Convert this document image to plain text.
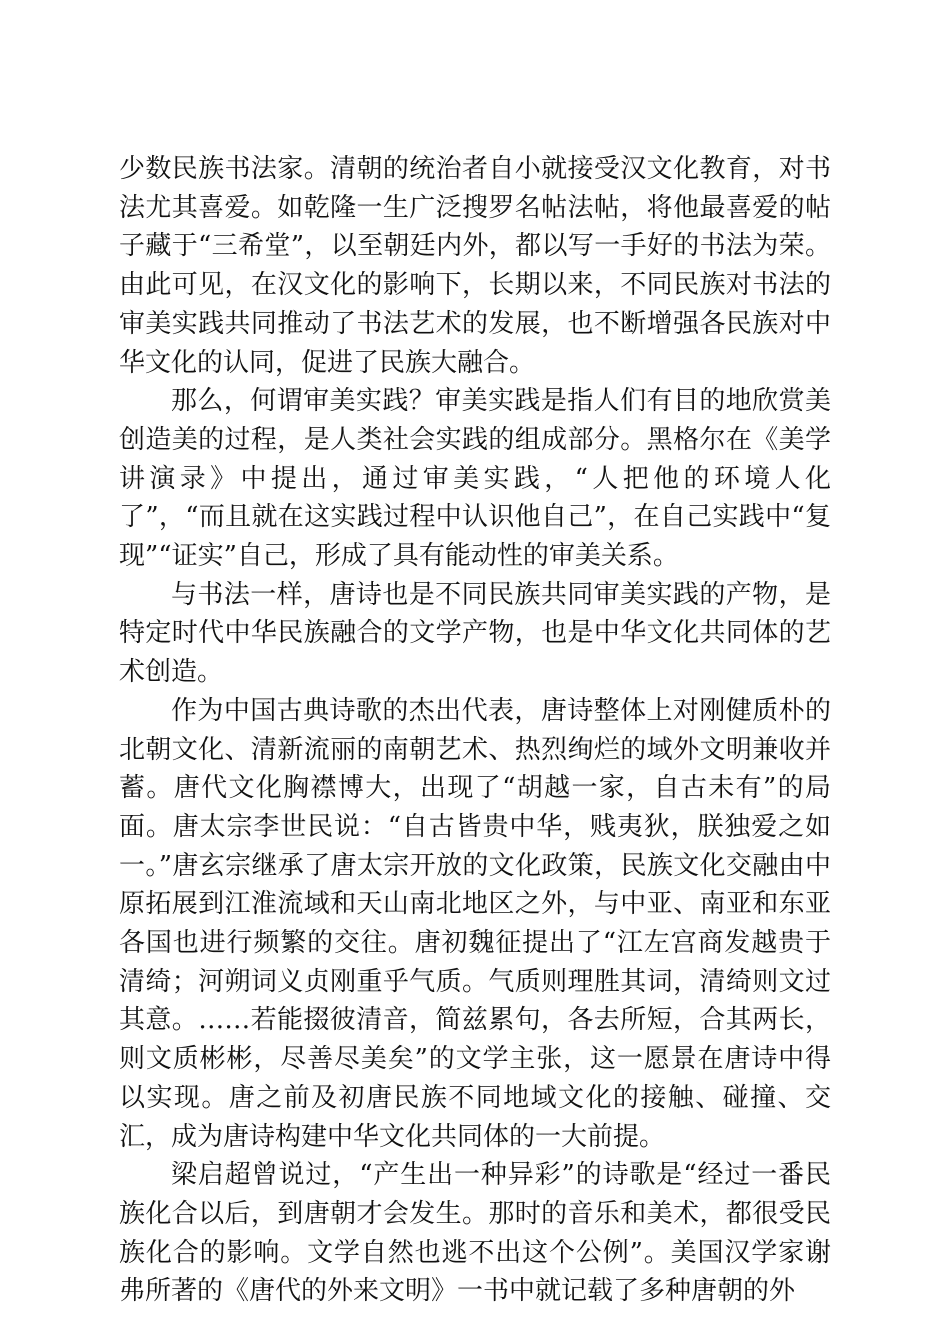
少数民族书法家。清朝的统治者自小就接受汉文化教育，对书法尤其喜爱。如乾隆一生广泛搜罗名帖法帖，将他最喜爱的帖子藏于“三希堂”，以至朝廷内外，都以写一手好的书法为荣。由此可见，在汉文化的影响下，长期以来，不同民族对书法的审美实践共同推动了书法艺术的发展，也不断增强各民族对中华文化的认同，促进了民族大融合。

那么，何谓审美实践？审美实践是指人们有目的地欣赏美创造美的过程，是人类社会实践的组成部分。黑格尔在《美学讲演录》中提出，通过审美实践，“人把他的环境人化了”，“而且就在这实践过程中认识他自己”，在自己实践中“复现”“证实”自己，形成了具有能动性的审美关系。

与书法一样，唐诗也是不同民族共同审美实践的产物，是特定时代中华民族融合的文学产物，也是中华文化共同体的艺术创造。

作为中国古典诗歌的杰出代表，唐诗整体上对刚健质朴的北朝文化、清新流丽的南朝艺术、热烈绚烂的域外文明兼收并蓄。唐代文化胸襟博大，出现了“胡越一家，自古未有”的局面。唐太宗李世民说：“自古皆贵中华，贱夷狄，朕独爱之如一。”唐玄宗继承了唐太宗开放的文化政策，民族文化交融由中原拓展到江淮流域和天山南北地区之外，与中亚、南亚和东亚各国也进行频繁的交往。唐初魏征提出了“江左宫商发越贵于清绮；河朔词义贞刚重乎气质。气质则理胜其词，清绮则文过其意。……若能掇彼清音，简兹累句，各去所短，合其两长，则文质彬彬，尽善尽美矣”的文学主张，这一愿景在唐诗中得以实现。唐之前及初唐民族不同地域文化的接触、碰撞、交汇，成为唐诗构建中华文化共同体的一大前提。

梁启超曾说过，“产生出一种异彩”的诗歌是“经过一番民族化合以后，到唐朝才会发生。那时的音乐和美术，都很受民族化合的影响。文学自然也逃不出这个公例”。美国汉学家谢弗所著的《唐代的外来文明》一书中就记载了多种唐朝的外
